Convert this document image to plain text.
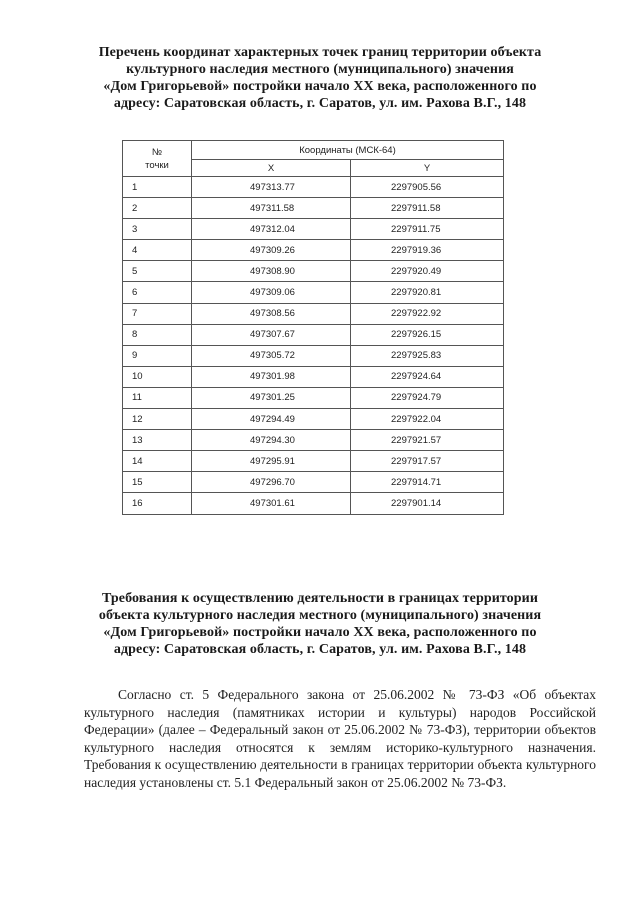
Перечень координат характерных точек границ территории объекта
культурного наследия местного (муниципального) значения
«Дом Григорьевой» постройки начало XX века, расположенного по
адресу: Саратовская область, г. Саратов, ул. им. Рахова В.Г., 148
№
точки	Координаты (МСК-64)	
	X	Y
1	497313.77	2297905.56
2	497311.58	2297911.58
3	497312.04	2297911.75
4	497309.26	2297919.36
5	497308.90	2297920.49
6	497309.06	2297920.81
7	497308.56	2297922.92
8	497307.67	2297926.15
9	497305.72	2297925.83
10	497301.98	2297924.64
11	497301.25	2297924.79
12	497294.49	2297922.04
13	497294.30	2297921.57
14	497295.91	2297917.57
15	497296.70	2297914.71
16	497301.61	2297901.14
Требования к осуществлению деятельности в границах территории
объекта культурного наследия местного (муниципального) значения
«Дом Григорьевой» постройки начало XX века, расположенного по
адресу: Саратовская область, г. Саратов, ул. им. Рахова В.Г., 148
Согласно ст. 5 Федерального закона от 25.06.2002 № 73-ФЗ «Об объектах культурного наследия (памятниках истории и культуры) народов Российской Федерации» (далее – Федеральный закон от 25.06.2002 № 73-ФЗ), территории объектов культурного наследия относятся к землям историко-культурного назначения. Требования к осуществлению деятельности в границах территории объекта культурного наследия установлены ст. 5.1 Федеральный закон от 25.06.2002 № 73-ФЗ.
